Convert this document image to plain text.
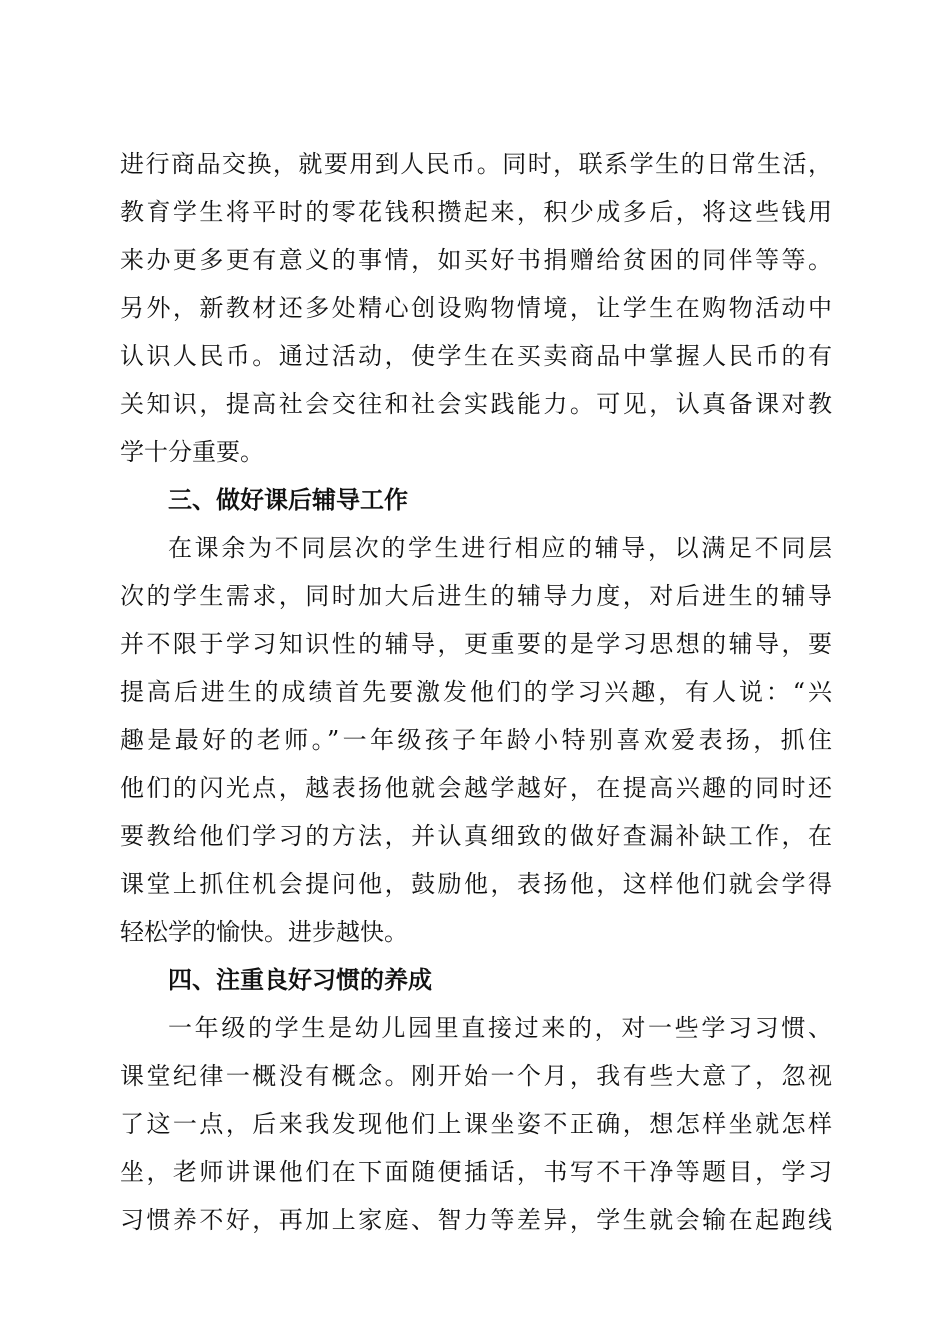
进行商品交换，就要用到人民币。同时，联系学生的日常生活，
教育学生将平时的零花钱积攒起来，积少成多后，将这些钱用
来办更多更有意义的事情，如买好书捐赠给贫困的同伴等等。
另外，新教材还多处精心创设购物情境，让学生在购物活动中
认识人民币。通过活动，使学生在买卖商品中掌握人民币的有
关知识，提高社会交往和社会实践能力。可见，认真备课对教
学十分重要。
三、做好课后辅导工作
在课余为不同层次的学生进行相应的辅导，以满足不同层
次的学生需求，同时加大后进生的辅导力度，对后进生的辅导
并不限于学习知识性的辅导，更重要的是学习思想的辅导，要
提高后进生的成绩首先要激发他们的学习兴趣，有人说：“兴
趣是最好的老师。”一年级孩子年龄小特别喜欢爱表扬，抓住
他们的闪光点，越表扬他就会越学越好，在提高兴趣的同时还
要教给他们学习的方法，并认真细致的做好查漏补缺工作，在
课堂上抓住机会提问他，鼓励他，表扬他，这样他们就会学得
轻松学的愉快。进步越快。
四、注重良好习惯的养成
一年级的学生是幼儿园里直接过来的，对一些学习习惯、
课堂纪律一概没有概念。刚开始一个月，我有些大意了，忽视
了这一点，后来我发现他们上课坐姿不正确，想怎样坐就怎样
坐，老师讲课他们在下面随便插话，书写不干净等题目，学习
习惯养不好，再加上家庭、智力等差异，学生就会输在起跑线
